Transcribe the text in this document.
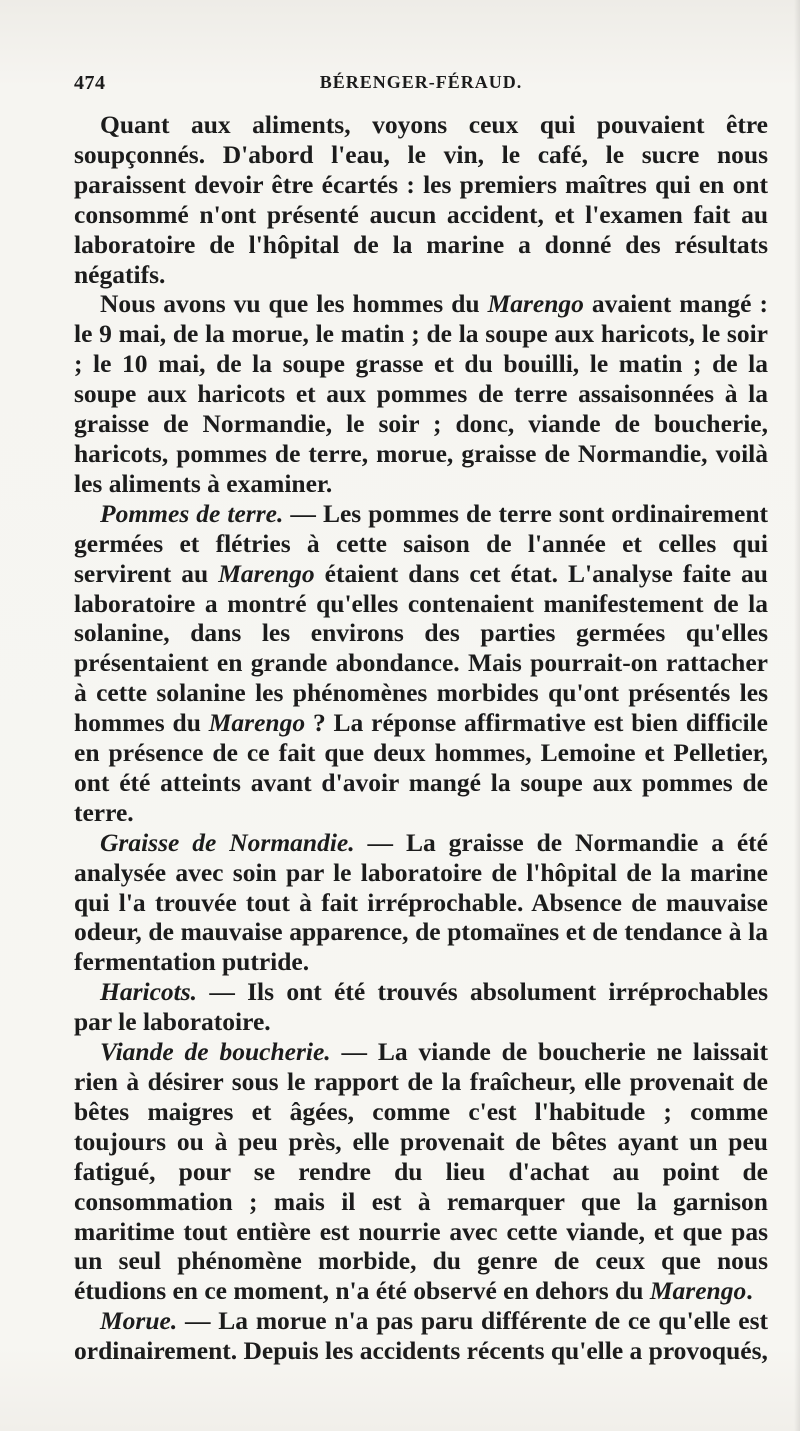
474	BÉRENGER-FÉRAUD.

Quant aux aliments, voyons ceux qui pouvaient être soupçonnés. D'abord l'eau, le vin, le café, le sucre nous paraissent devoir être écartés : les premiers maîtres qui en ont consommé n'ont présenté aucun accident, et l'examen fait au laboratoire de l'hôpital de la marine a donné des résultats négatifs.

Nous avons vu que les hommes du Marengo avaient mangé : le 9 mai, de la morue, le matin ; de la soupe aux haricots, le soir ; le 10 mai, de la soupe grasse et du bouilli, le matin ; de la soupe aux haricots et aux pommes de terre assaisonnées à la graisse de Normandie, le soir ; donc, viande de boucherie, haricots, pommes de terre, morue, graisse de Normandie, voilà les aliments à examiner.

Pommes de terre. — Les pommes de terre sont ordinairement germées et flétries à cette saison de l'année et celles qui servirent au Marengo étaient dans cet état. L'analyse faite au laboratoire a montré qu'elles contenaient manifestement de la solanine, dans les environs des parties germées qu'elles présentaient en grande abondance. Mais pourrait-on rattacher à cette solanine les phénomènes morbides qu'ont présentés les hommes du Marengo ? La réponse affirmative est bien difficile en présence de ce fait que deux hommes, Lemoine et Pelletier, ont été atteints avant d'avoir mangé la soupe aux pommes de terre.

Graisse de Normandie. — La graisse de Normandie a été analysée avec soin par le laboratoire de l'hôpital de la marine qui l'a trouvée tout à fait irréprochable. Absence de mauvaise odeur, de mauvaise apparence, de ptomaïnes et de tendance à la fermentation putride.

Haricots. — Ils ont été trouvés absolument irréprochables par le laboratoire.

Viande de boucherie. — La viande de boucherie ne laissait rien à désirer sous le rapport de la fraîcheur, elle provenait de bêtes maigres et âgées, comme c'est l'habitude ; comme toujours ou à peu près, elle provenait de bêtes ayant un peu fatigué, pour se rendre du lieu d'achat au point de consommation ; mais il est à remarquer que la garnison maritime tout entière est nourrie avec cette viande, et que pas un seul phénomène morbide, du genre de ceux que nous étudions en ce moment, n'a été observé en dehors du Marengo.

Morue. — La morue n'a pas paru différente de ce qu'elle est ordinairement. Depuis les accidents récents qu'elle a provoqués,
